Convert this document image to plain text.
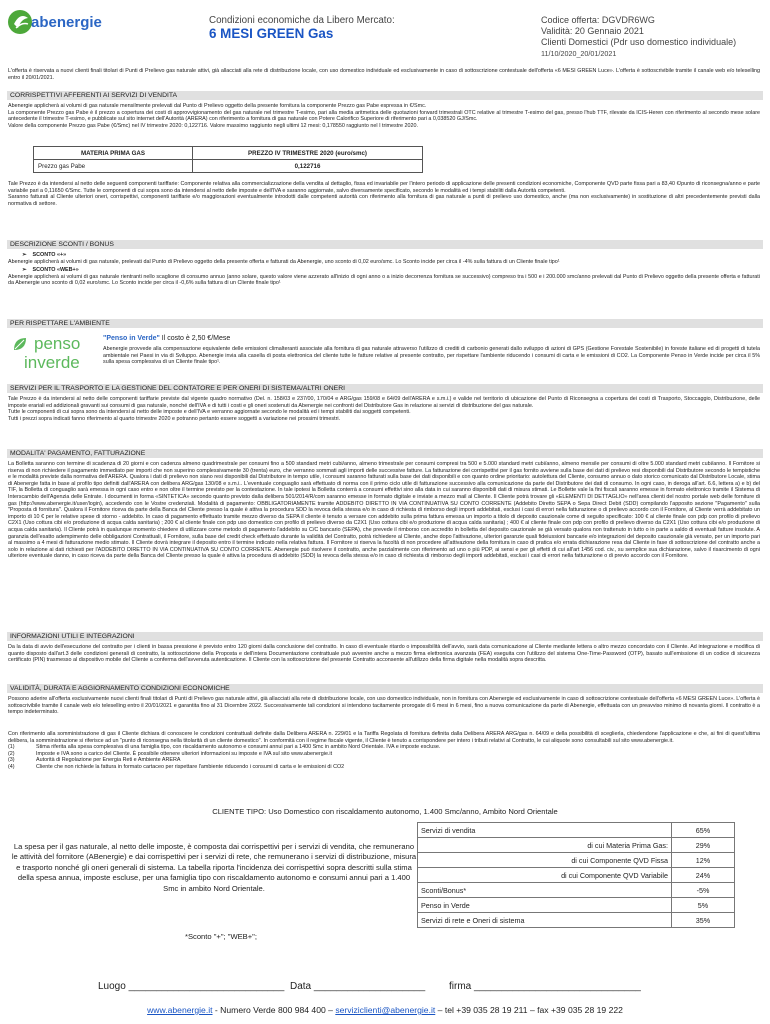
abenergie	Condizioni economiche da Libero Mercato:
6 MESI GREEN Gas
Codice offerta: DGVDR6WG
Validità: 20 Gennaio 2021
Clienti Domestici (Pdr uso domestico individuale)
11/10/2020_20/01/2021
L'offerta è riservata a nuovi clienti finali titolari di Punti di Prelievo gas naturale attivi, già allacciati alla rete di distribuzione locale, con uso domestico individuale ed esclusivamente in caso di sottoscrizione contestuale dell'offerta «6 MESI GREEN Luce». L'offerta è sottoscrivibile tramite il canale web e/o teleselling entro il 20/01/2021.
CORRISPETTIVI AFFERENTI AI SERVIZI DI VENDITA
Abenergie applicherà ai volumi di gas naturale mensilmente prelevati dal Punto di Prelievo oggetto della presente fornitura la componente Prezzo gas Pabe espressa in €/Smc.
La componente Prezzo gas Pabe è il prezzo a copertura dei costi di approvvigionamento del gas naturale nel trimestre T-esimo, pari alla media aritmetica delle quotazioni forward trimestrali OTC relative al trimestre T-esimo del gas, presso l'hub TTF, rilevate da ICIS-Heren con riferimento al secondo mese solare antecedente il trimestre T-esimo, e pubblicate sul sito internet dell'Autorità (ARERA) con riferimento a fornitura di gas naturale con Potere Calorifico Superiore di riferimento pari a 0,038520 GJ/Smc.
Valore della componente Prezzo gas Pabe (€/Smc) nel IV trimestre 2020: 0,122716. Valore massimo raggiunto negli ultimi 12 mesi: 0,178550 raggiunto nel I trimestre 2020.
MATERIA PRIMA GAS	PREZZO IV TRIMESTRE 2020 (euro/smc)
Prezzo gas Pabe	0,122716
Tale Prezzo è da intendersi al netto delle seguenti componenti tariffarie: Componente relativa alla commercializzazione della vendita al dettaglio, fissa ed invariabile per l'intero periodo di applicazione delle presenti condizioni economiche, Componente QVD parte fissa pari a 83,40 €/punto di riconsegna/anno e parte variabile pari a 0,11650 €/Smc. Tutte le componenti di cui sopra sono da intendersi al netto delle imposte e dell'IVA e saranno aggiornate, salvo diversamente specificato, secondo le modalità ed i tempi stabiliti dalla Autorità competenti.
Saranno fatturati al Cliente ulteriori oneri, corrispettivi, componenti tariffarie e/o maggiorazioni eventualmente introdotti dalle competenti autorità con riferimento alla fornitura di gas naturale a punti di prelievo uso domestico, anche (ma non esclusivamente) in sostituzione di altri precedentemente previsti dalla normativa di settore.
DESCRIZIONE SCONTI / BONUS
➢    SCONTO «+»
Abenergie applicherà ai volumi di gas naturale, prelevati dal Punto di Prelievo oggetto della presente offerta e fatturati da Abenergie, uno sconto di 0,02 euro/smc. Lo Sconto incide per circa il -4% sulla fattura di un Cliente finale tipo¹
➢    SCONTO «WEB+»
Abenergie applicherà ai volumi di gas naturale rientranti nello scaglione di consumo annuo (anno solare, questo valore viene azzerato all'inizio di ogni anno o a inizio decorrenza fornitura se successivo) compreso tra i 500 e i 200.000 smc/anno prelevati dal Punto di Prelievo oggetto della presente offerta e fatturati da Abenergie uno sconto di 0,02 euro/smc. Lo Sconto incide per circa il -0,6% sulla fattura di un Cliente finale tipo¹
PER RISPETTARE L'AMBIENTE
penso
inverde
"Penso in Verde" Il costo è 2,50 €/Mese
Abenergie provvede alla compensazione equivalente delle emissioni climalteranti associate alla fornitura di gas naturale attraverso l'utilizzo di crediti di carbonio generati dallo sviluppo di azioni di GPS (Gestione Forestale Sostenibile) in foreste italiane ed di progetti di tutela ambientale nei Paesi in via di Sviluppo. Abenergie invia alla casella di posta elettronica del cliente tutte le fatture relative al presente contratto, per rispettare l'ambiente riducendo i consumi di carta e le emissioni di CO2. La Componente Penso in Verde incide per circa il 5% sulla spesa complessiva di un Cliente finale tipo¹.
SERVIZI PER IL TRASPORTO E LA GESTIONE DEL CONTATORE E PER ONERI DI SISTEMA/ALTRI ONERI
Tale Prezzo è da intendersi al netto delle componenti tariffarie previste dal vigente quadro normativo (Del. n. 158/03 e 237/00, 170/04 e ARG/gas 159/08 e 64/09 dell'ARERA e s.m.i.) e valide nel territorio di ubicazione del Punto di Riconsegna a copertura dei costi di Trasporto, Stoccaggio, Distribuzione, delle imposte erariali ed addizionali gravanti sui consumi di gas naturale, nonché dell'IVA e di tutti i costi e gli oneri sostenuti da Abenergie nei confronti del Distributore Gas in relazione ai servizi di distribuzione del gas naturale.
Tutte le componenti di cui sopra sono da intendersi al netto delle imposte e dell'IVA e verranno aggiornate secondo le modalità ed i tempi stabiliti dai soggetti competenti.
Tutti i prezzi sopra indicati fanno riferimento al quarto trimestre 2020 e potranno pertanto essere soggetti a variazione nei prossimi trimestri.
MODALITA' PAGAMENTO, FATTURAZIONE
La Bolletta saranno con termine di scadenza di 20 giorni e con cadenza almeno quadrimestrale per consumi fino a 500 standard metri cubi/anno, almeno trimestrale per consumi compresi tra 500 e 5.000 standard metri cubi/anno, almeno mensile per consumi di oltre 5.000 standard metri cubi/anno. Il Fornitore si riserva di non richiedere il pagamento immediato per importi che non superino complessivamente 30 (trenta) euro, che verranno sommati agli importi delle successive fatture. La fatturazione dei corrispettivi per il gas fornito avviene sulla base dei dati di prelievo resi disponibili dal Distributore secondo le tempistiche e le modalità previste dalla normativa dell'ARERA. Qualora i dati di prelievo non siano resi disponibili dal Distributore in tempo utile, i consumi saranno fatturati sulla base dei dati disponibili e con quanto ordine prioritario: autolettura del Cliente, consumo annuo o dato storico comunicato dal Distributore Locale, stima di Abenergie fatta in base al profilo tipo definiti dall'ARERA con delibera ARG/gas 130/08 e s.m.i.. L'eventuale conguaglio sarà effettuato di norma con il primo ciclo utile di fatturazione successivo alla comunicazione da parte del Distributore dei dati di consumo. In ogni caso, in deroga all'art. 6.6, lettera a) e b) del TIF, la Bolletta di conguaglio sarà emessa in ogni caso entro e non oltre il termine previsto per la contestazione. In tale ipotesi la Bolletta conterrà a consumi effettivi sino alla data in cui saranno disponibili dati di misura stimati. Le Bollette vale la fini fiscali saranno emesse in formato elettronico tramite il Sistema di Interscambio dell'Agenzia delle Entrate. I documenti in forma «SINTETICA» secondo quanto previsto dalla delibera 501/2014/R/com saranno emesse in formato digitale e inviate a mezzo mail al Cliente. Il Cliente potrà trovare gli «ELEMENTI DI DETTAGLIO» nell'area clienti del nostro portale web delle forniture di gas (http://www.abenergie.it/user/login), accedendo con le Vostre credenziali. Modalità di pagamento: OBBLIGATORIAMENTE tramite ADDEBITO DIRETTO IN VIA CONTINUATIVA SU CONTO CORRENTE (Addebito Diretto SEPA o Sepa Direct Debit (SDD) compilando l'apposito sezione "Pagamento" sulla "Proposta di fornitura". Qualora il Fornitore riceva da parte della Banca del Cliente presso la quale è attiva la procedura SDD la revoca della stessa e/o in caso di richiesta di rimborso degli importi addebitati, esclusi i casi di errori nella fatturazione o di prelievo accordo con il Fornitore, al Cliente verrà addebitato un importo di 10 € per le relative spese di storno - addebito. In caso di pagamento effettuato tramite mezzo diverso da SEPA il cliente è tenuto a versare con addebito sulla prima fattura emessa un importo a titolo di deposito cauzionale come di seguito specificato: 100 € al cliente finale con pdp con profilo di prelievo C2X1 (Uso cottura cibi e/o produzione di acqua calda sanitaria) ; 200 € al cliente finale con pdp uso domestico con profilo di prelievo diverso da C2X1 (Uso cottura cibi e/o produzione di acqua calda sanitaria) ; 400 € al cliente finale con pdp con profilo di prelievo diverso da C2X1 (Uso cottura cibi e/o produzione di acqua calda sanitaria). Il Cliente potrà in qualunque momento chiedere di utilizzare come metodo di pagamento l'addebito su C/C bancario (SEPA), che prevede il rimborso con accredito in bolletta del deposito cauzionale se già versato qualora non trattenuto in tutto o in parte a saldo di eventuali fatture insolute. A garanzia dell'esatto adempimento delle obbligazioni Contrattuali, il Fornitore, sulla base del credit check effettuato durante la validità del Contratto, potrà richiedere al Cliente, anche dopo l'attivazione, ulteriori garanzie quali fideiussioni bancarie e/o integrazioni del deposito cauzionale già versato, per un importo pari al massimo a 4 mesi di fatturazione medio stimato. Il Cliente dovrà integrare il deposito entro il termine indicato nella relativa fattura. Il Fornitore si riserva la facoltà di non procedere all'attivazione della fornitura in caso di pratica e/o errata dichiarazione resa dal Cliente in fase di sottoscrizione del contratto anche a solo in relazione ai dati richiesti per l'ADDEBITO DIRETTO IN VIA CONTINUATIVA SU CONTO CORRENTE. Abenergie può risolvere il contratto, anche parzialmente con riferimento ad uno o più PDP, ai sensi e per gli effetti di cui all'art 1456 cod. civ., su semplice sua dichiarazione, salvo il risarcimento di ogni ulteriore eventuale danno, in caso riceva da parte della Banca del Cliente presso la quale è attiva la procedura di addebito (SDD) la revoca della stessa e/o in caso di richiesta di rimborso degli importi addebitati, esclusi i casi di errori nella fatturazione o di previo accordo con il Fornitore.
INFORMAZIONI UTILI E INTEGRAZIONI
Da la data di avvio dell'esecuzione del contratto per i clienti in bassa pressione è previsto entro 120 giorni dalla conclusione del contratto. In caso di eventuale ritardo o impossibilità dell'avvio, sarà data comunicazione al Cliente mediante lettera o altro mezzo concordato con il Cliente. Ad integrazione e modifica di quanto disposto dall'art.3 delle condizioni generali di contratto, la sottoscrizione della Proposta e dell'intera Documentazione contrattuale può avvenire anche a mezzo firma elettronica avanzata (FEA) eseguita con l'utilizzo del sistema One-Time-Password (OTP), basato sull'emissione di un codice di sicurezza certificato (PIN) trasmesso al dispositivo mobile del Cliente a conferma dell'avvenuta autenticazione. Il Cliente con la sottoscrizione del presente Contratto acconsente all'utilizzo della firma digitale nella modalità sopra descritta.
VALIDITÀ, DURATA E AGGIORNAMENTO CONDIZIONI ECONOMICHE
Possono aderire all'offerta esclusivamente nuovi clienti finali titolari di Punti di Prelievo gas naturale attivi, già allacciati alla rete di distribuzione locale, con uso domestico individuale, non in fornitura con Abenergie ed esclusivamente in caso di sottoscrizione contestuale dell'offerta «6 MESI GREEN Luce». L'offerta è sottoscrivibile tramite il canale web e/o teleselling entro il 20/01/2021 e garantita fino al 31 Dicembre 2022. Successivamente tali condizioni si intendono tacitamente prorogate di 6 mesi in 6 mesi, fino a nuova comunicazione da parte di Abenergie, effettuata con un preavviso minimo di novanta giorni. Il contratto è a tempo indeterminato.
Con riferimento alla somministrazione di gas il Cliente dichiara di conoscere le condizioni contrattuali definite dalla Delibera ARERA n. 229/01 e la Tariffa Regolata di fornitura definita dalla Delibera ARERA ARG/gas n. 64/09 e della possibilità di sceglierla, chiedendone l'applicazione e che, ai fini di quest'ultima delibera, la somministrazione si riferisce ad un "punto di riconsegna nella titolarità di un cliente domestico". In conformità con il regime fiscale vigente, il Cliente è tenuto a corrispondere per intero i tributi relativi al Contratto, le cui aliquote sono consultabili sul sito www.abenergie.it.
(1)	Stima riferita alla spesa complessiva di una famiglia tipo, con riscaldamento autonomo e consumi annui pari a 1400 Smc in ambito Nord Orientale. IVA e imposte escluse.
(2)	Imposte e IVA sono a carico del Cliente. È possibile ottenere ulteriori informazioni su imposte e IVA sul sito www.abenergie.it
(3)	Autorità di Regolazione per Energia Reti e Ambiente ARERA
(4)	Cliente che non richiede la fattura in formato cartaceo per rispettare l'ambiente riducendo i consumi di carta e le emissioni di CO2
CLIENTE TIPO: Uso Domestico con riscaldamento autonomo, 1.400 Smc/anno, Ambito Nord Orientale
La spesa per il gas naturale, al netto delle imposte, è composta dai corrispettivi per i servizi di vendita, che remunerano le attività del fornitore (ABenergie) e dai corrispettivi per i servizi di rete, che remunerano i servizi di distribuzione, misura e trasporto nonché gli oneri generali di sistema. La tabella riporta l'incidenza dei corrispettivi sopra descritti sulla stima della spesa annua, imposte escluse, per una famiglia tipo con riscaldamento autonomo e consumi annui pari a 1.400 Smc in ambito Nord Orientale.
Servizi di vendita	65%
di cui Materia Prima Gas:	29%
di cui Componente QVD Fissa	12%
di cui Componente QVD Variabile	24%
Sconti/Bonus*	-5%
Penso in Verde	5%
Servizi di rete e Oneri di sistema	35%
*Sconto "+"; "WEB+";
Luogo ____________________________ Data ____________________ firma ______________________________
www.abenergie.it - Numero Verde 800 984 400 – serviziclienti@abenergie.it – tel +39 035 28 19 211 – fax +39 035 28 19 222
